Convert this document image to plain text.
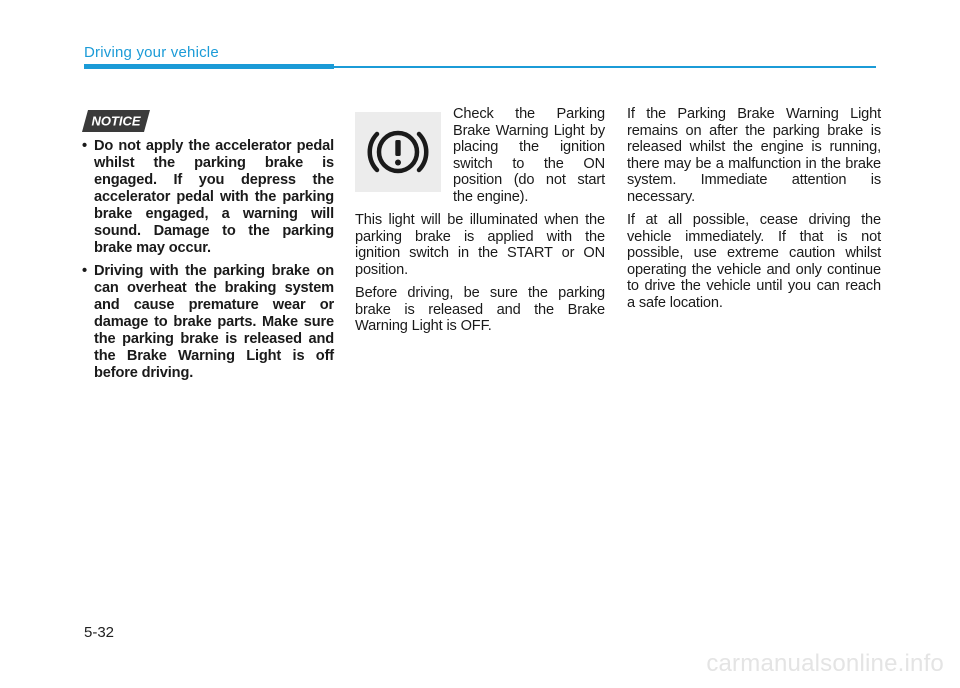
Driving your vehicle
NOTICE
• Do not apply the accelerator pedal whilst the parking brake is engaged. If you depress the accelerator pedal with the parking brake engaged, a warning will sound. Damage to the parking brake may occur.
• Driving with the parking brake on can overheat the braking system and cause premature wear or damage to brake parts. Make sure the parking brake is released and the Brake Warning Light is off before driving.

Check the Parking Brake Warning Light by placing the ignition switch to the ON position (do not start the engine).

This light will be illuminated when the parking brake is applied with the ignition switch in the START or ON position.

Before driving, be sure the parking brake is released and the Brake Warning Light is OFF.

If the Parking Brake Warning Light remains on after the parking brake is released whilst the engine is running, there may be a malfunction in the brake system. Immediate attention is necessary.

If at all possible, cease driving the vehicle immediately. If that is not possible, use extreme caution whilst operating the vehicle and only continue to drive the vehicle until you can reach a safe location.

5-32
carmanualsonline.info
